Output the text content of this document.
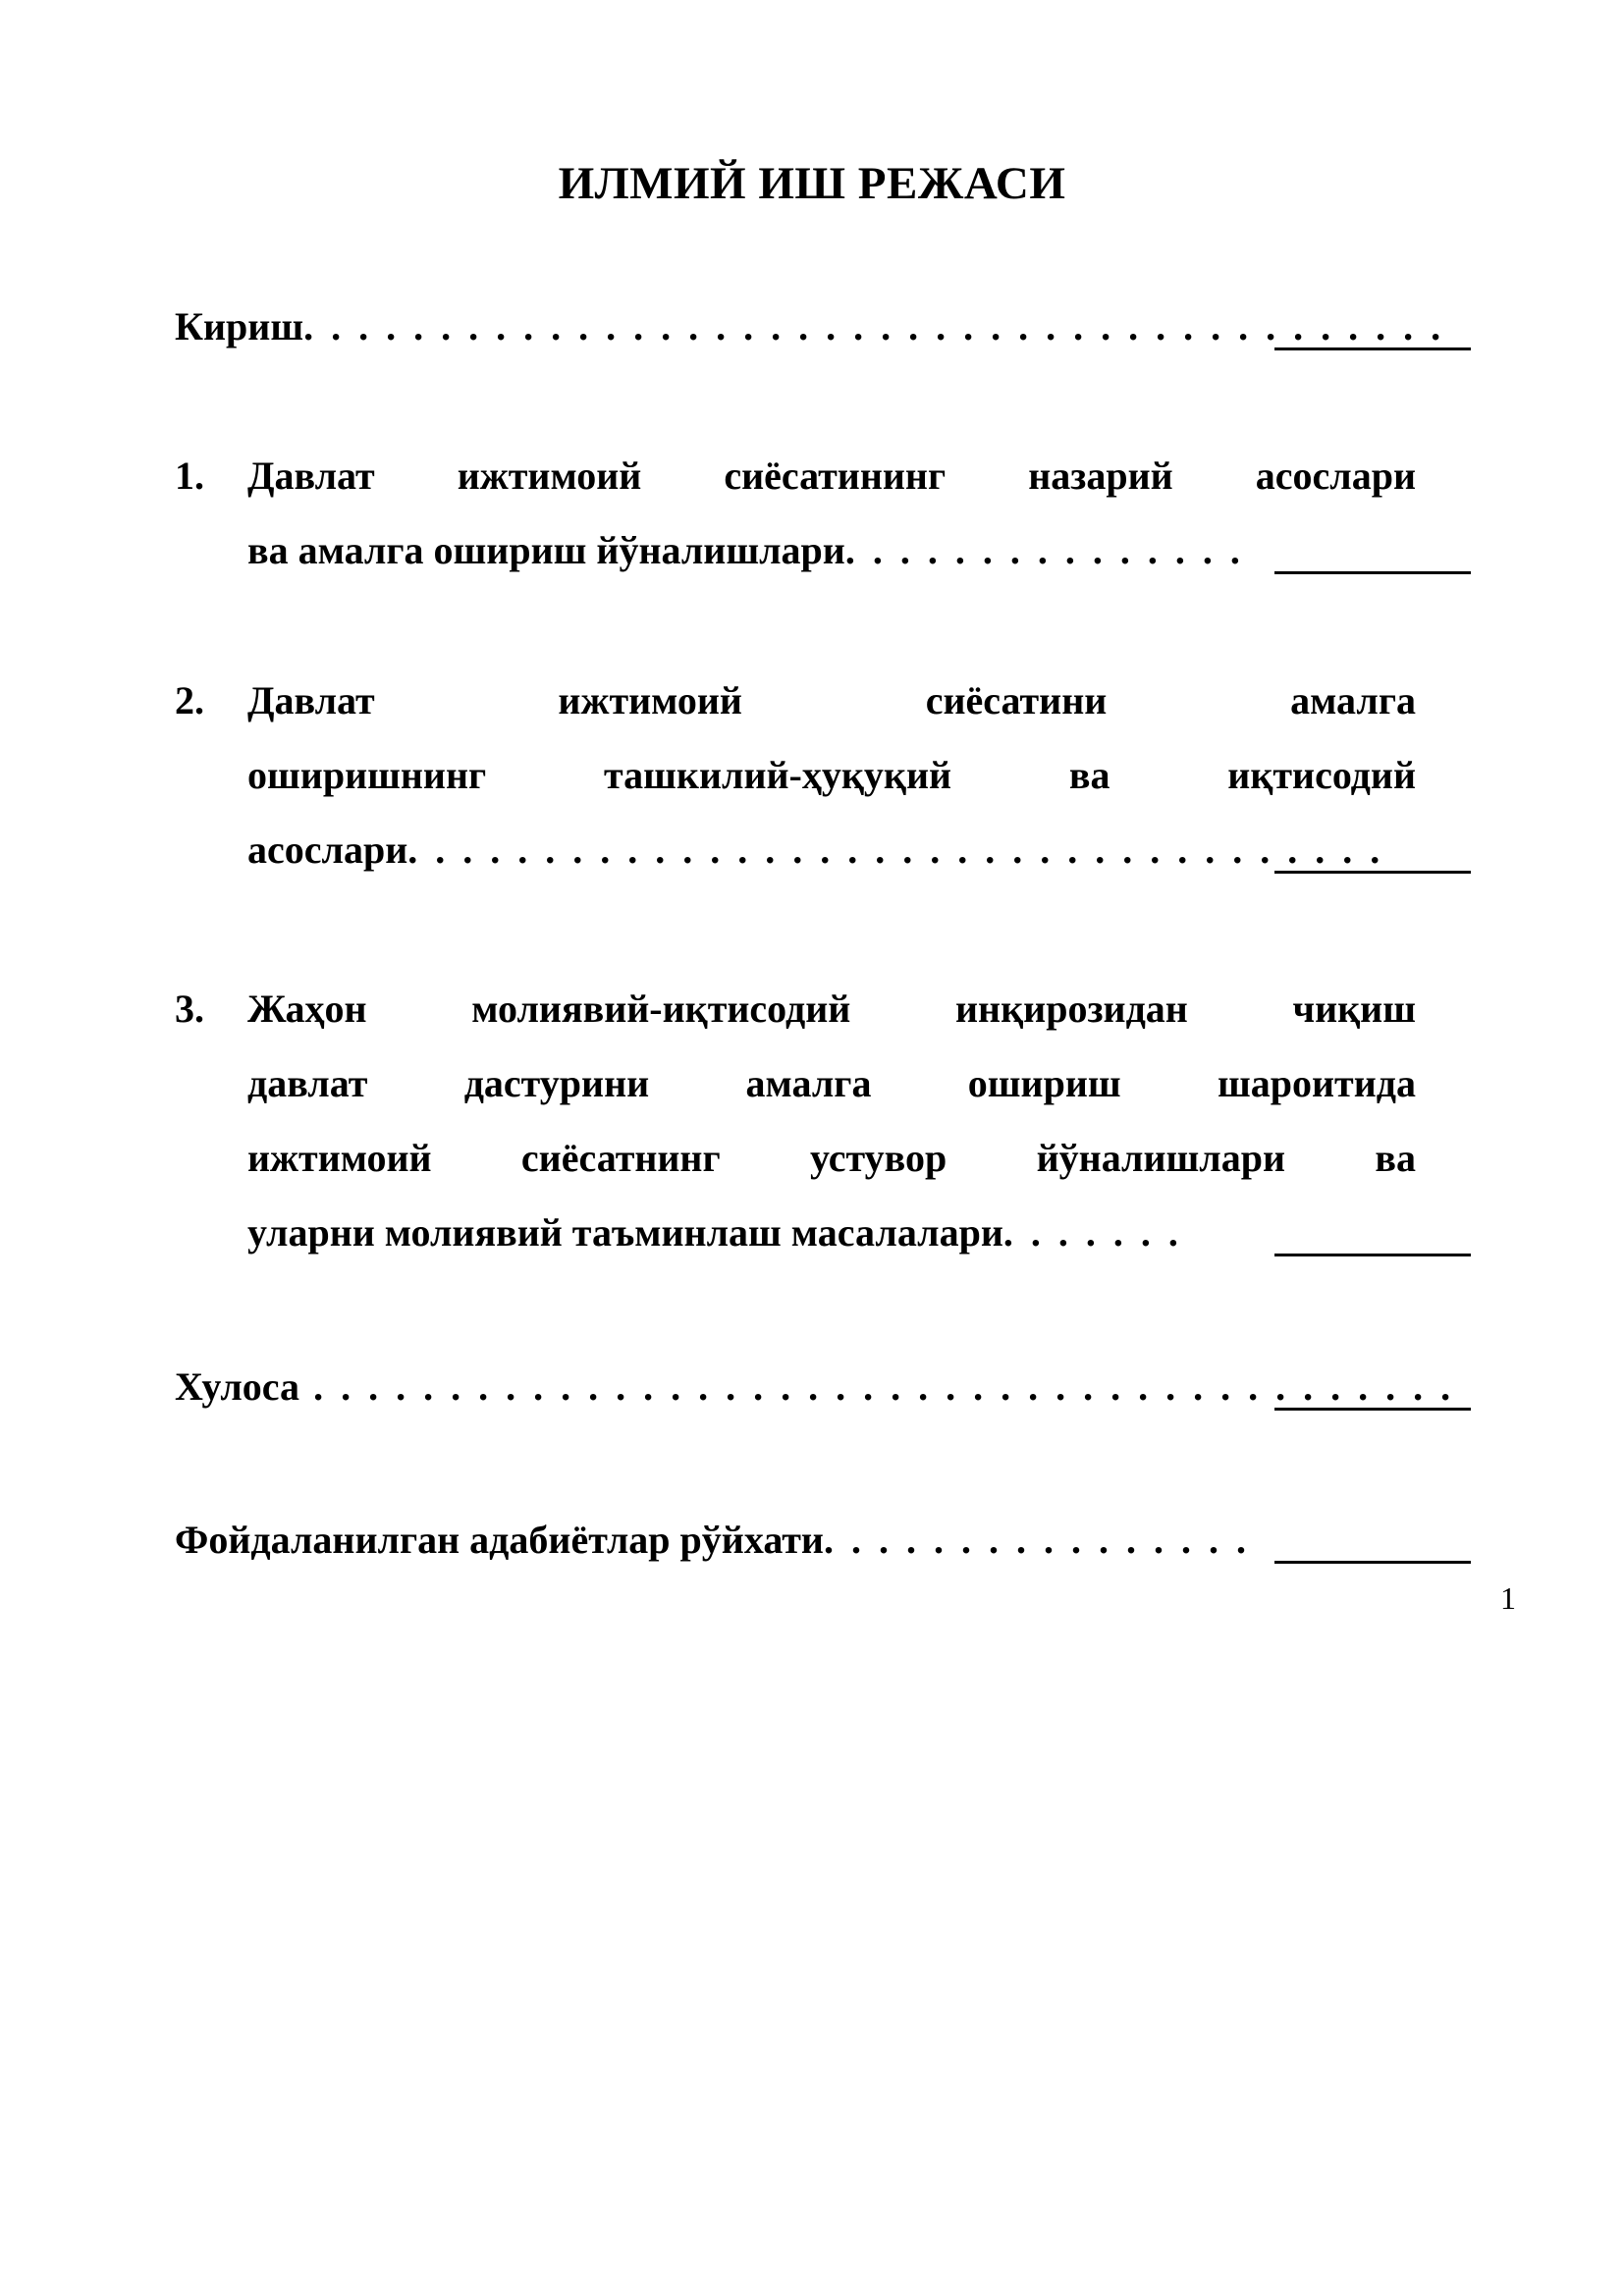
ИЛМИЙ ИШ РЕЖАСИ
Кириш. . . . . . . . . . . . . . . . . . . . . . . . . . . . . . . . . . . . . . . . . .
1. Давлат ижтимоий сиёсатининг назарий асослари
ва амалга ошириш йўналишлари. . . . . . . . . . . . . . .
2. Давлат ижтимоий сиёсатини амалга
оширишнинг ташкилий-ҳуқуқий ва иқтисодий
асослари. . . . . . . . . . . . . . . . . . . . . . . . . . . . . . . . . . . .
3. Жаҳон молиявий-иқтисодий инқирозидан чиқиш
давлат дастурини амалга ошириш шароитида
ижтимоий сиёсатнинг устувор йўналишлари ва
уларни молиявий таъминлаш масалалари. . . . . . .
Хулоса . . . . . . . . . . . . . . . . . . . . . . . . . . . . . . . . . . . . . . . . . .
Фойдаланилган адабиётлар рўйхати. . . . . . . . . . . . . . . .
1
